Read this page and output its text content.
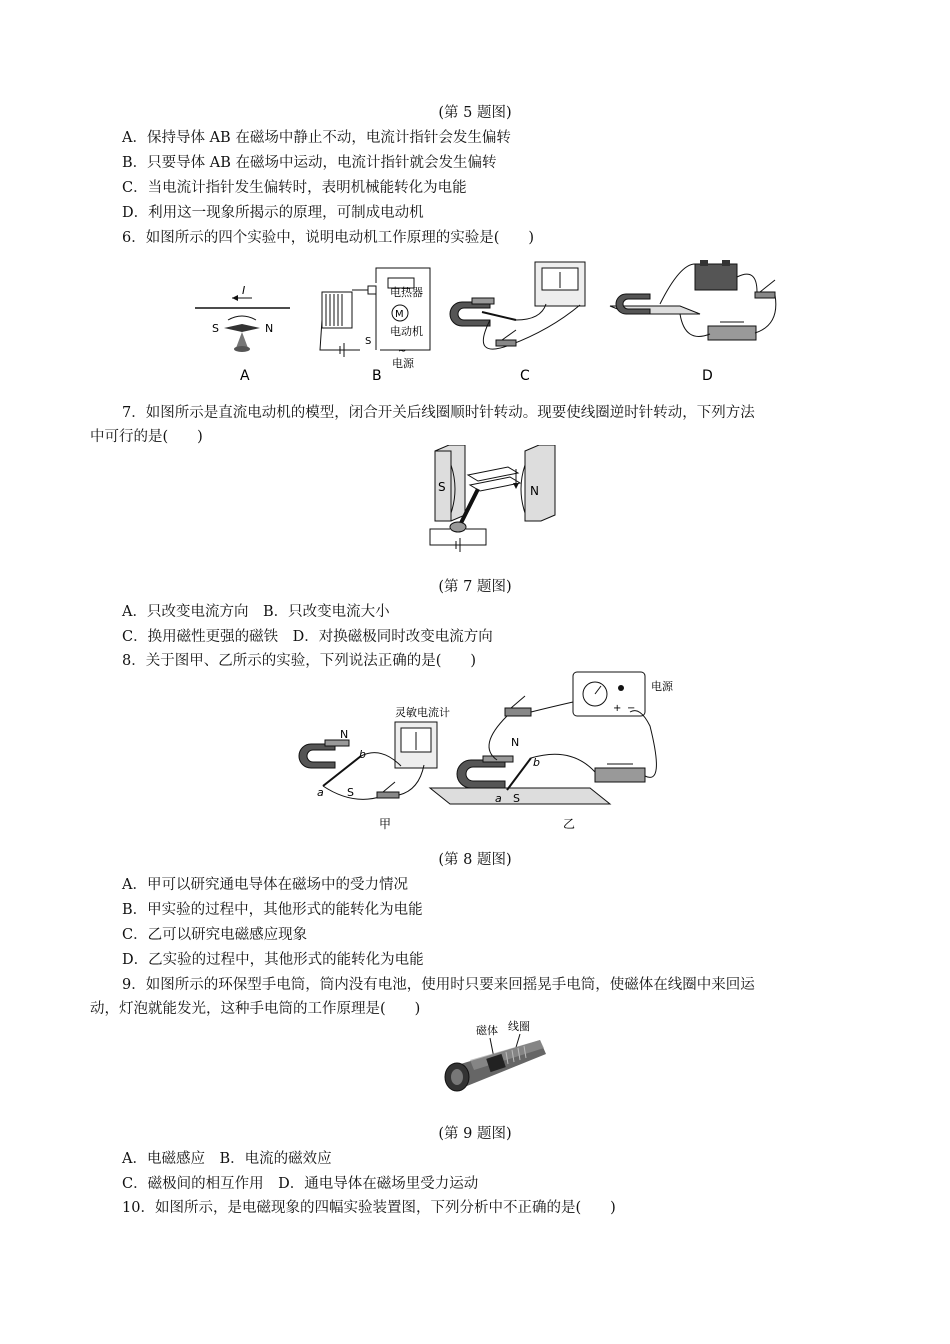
(第 5 题图)
A．保持导体 AB 在磁场中静止不动，电流计指针会发生偏转
B．只要导体 AB 在磁场中运动，电流计指针就会发生偏转
C．当电流计指针发生偏转时，表明机械能转化为电能
D．利用这一现象所揭示的原理，可制成电动机
6．如图所示的四个实验中，说明电动机工作原理的实验是(　　)
I
S	N
电热器
M
电动机
S
~
电源
A	B	C	D
7．如图所示是直流电动机的模型，闭合开关后线圈顺时针转动。现要使线圈逆时针转动，下列方法
中可行的是(　　)
S	N
(第 7 题图)
A．只改变电流方向　B．只改变电流大小
C．换用磁性更强的磁铁　D．对换磁极同时改变电流方向
8．关于图甲、乙所示的实验，下列说法正确的是(　　)
灵敏电流计
N
S
a
b
甲
+ −
电源
N
S
a
b
乙
(第 8 题图)
A．甲可以研究通电导体在磁场中的受力情况
B．甲实验的过程中，其他形式的能转化为电能
C．乙可以研究电磁感应现象
D．乙实验的过程中，其他形式的能转化为电能
9．如图所示的环保型手电筒，筒内没有电池，使用时只要来回摇晃手电筒，使磁体在线圈中来回运
动，灯泡就能发光，这种手电筒的工作原理是(　　)
磁体 线圈
(第 9 题图)
A．电磁感应　B．电流的磁效应
C．磁极间的相互作用　D．通电导体在磁场里受力运动
10．如图所示，是电磁现象的四幅实验装置图，下列分析中不正确的是(　　)
